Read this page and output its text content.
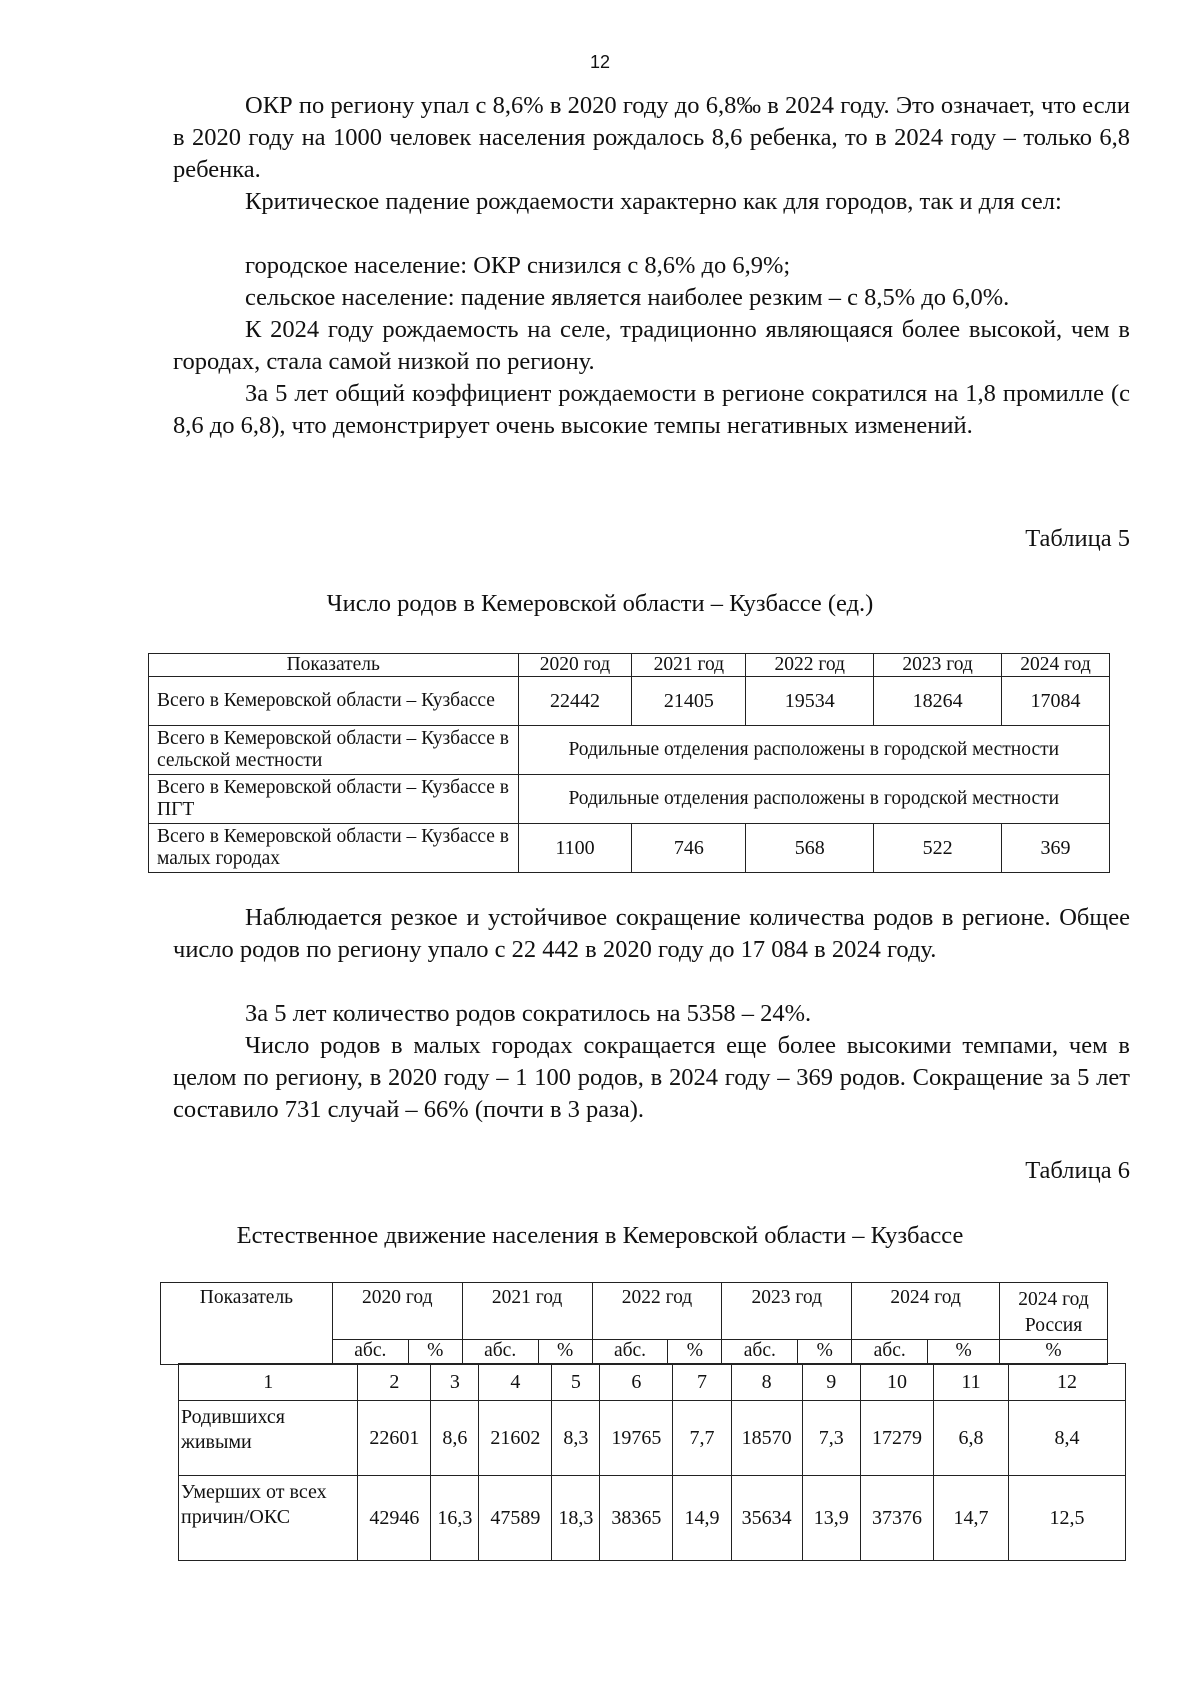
12

ОКР по региону упал с 8,6% в 2020 году до 6,8‰ в 2024 году. Это означает, что если в 2020 году на 1000 человек населения рождалось 8,6 ребенка, то в 2024 году – только 6,8 ребенка.

Критическое падение рождаемости характерно как для городов, так и для сел:

городское население: ОКР снизился с 8,6% до 6,9%;

сельское население: падение является наиболее резким – с 8,5% до 6,0%.

К 2024 году рождаемость на селе, традиционно являющаяся более высокой, чем в городах, стала самой низкой по региону.

За 5 лет общий коэффициент рождаемости в регионе сократился на 1,8 промилле (с 8,6 до 6,8), что демонстрирует очень высокие темпы негативных изменений.

Таблица 5
Число родов в Кемеровской области – Кузбассе (ед.)
Показатель	2020 год	2021 год	2022 год	2023 год	2024 год
Всего в Кемеровской области – Кузбассе	22442	21405	19534	18264	17084
Всего в Кемеровской области – Кузбассе в сельской местности	Родильные отделения расположены в городской местности				
Всего в Кемеровской области – Кузбассе в ПГТ	Родильные отделения расположены в городской местности				
Всего в Кемеровской области – Кузбассе в малых городах	1100	746	568	522	369

Наблюдается резкое и устойчивое сокращение количества родов в регионе. Общее число родов по региону упало с 22 442 в 2020 году до 17 084 в 2024 году.

За 5 лет количество родов сократилось на 5358 – 24%.

Число родов в малых городах сокращается еще более высокими темпами, чем в целом по региону, в 2020 году – 1 100 родов, в 2024 году – 369 родов. Сокращение за 5 лет составило 731 случай – 66% (почти в 3 раза).

Таблица 6
Естественное движение населения в Кемеровской области – Кузбассе
Показатель	2020 год		2021 год		2022 год		2023 год		2024 год		2024 год
Россия
	абс.	%	абс.	%	абс.	%	абс.	%	абс.	%	%
1	2	3	4	5	6	7	8	9	10	11	12
Родившихся живыми	22601	8,6	21602	8,3	19765	7,7	18570	7,3	17279	6,8	8,4
Умерших от всех причин/ОКС	42946	16,3	47589	18,3	38365	14,9	35634	13,9	37376	14,7	12,5
